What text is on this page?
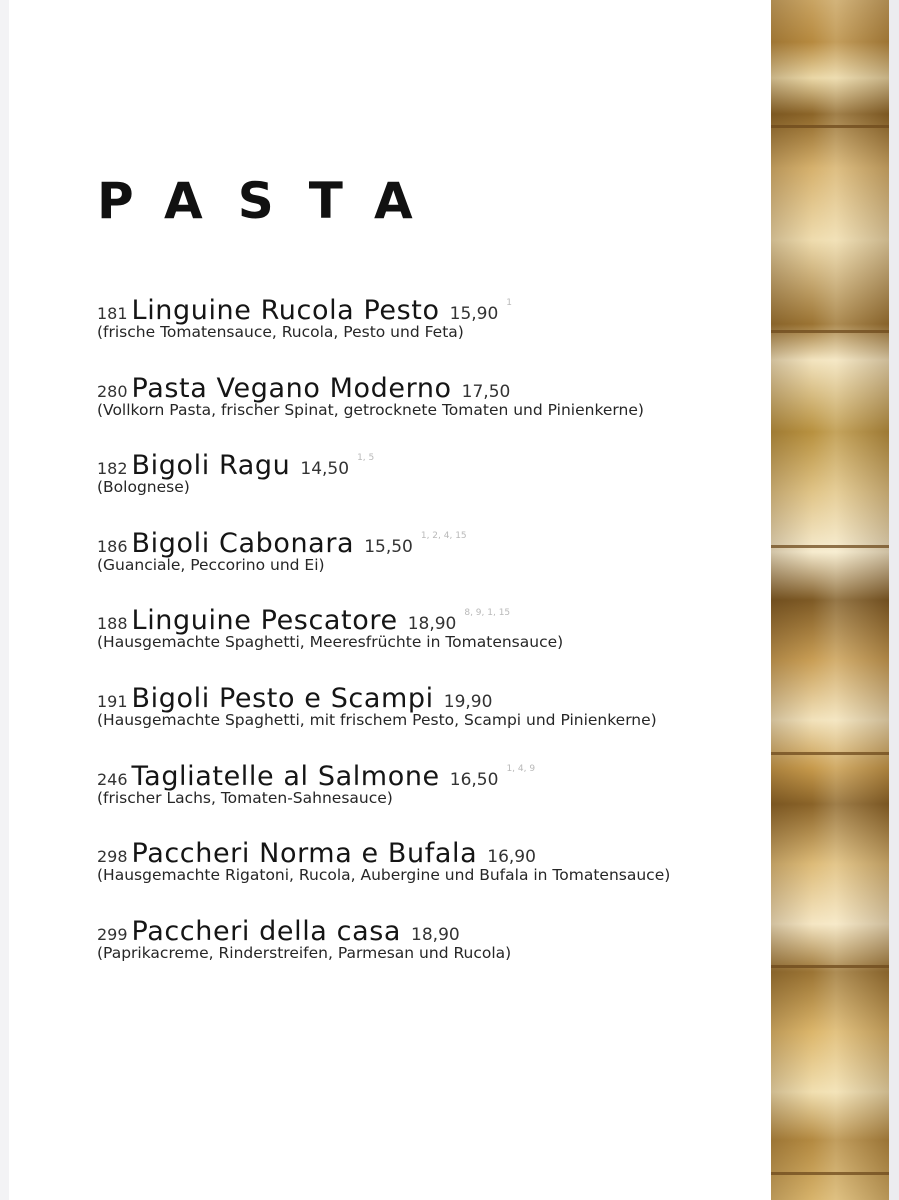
PASTA
181 Linguine Rucola Pesto 15,90$^1$
(frische Tomatensauce, Rucola, Pesto und Feta)
280 Pasta Vegano Moderno 17,50
(Vollkorn Pasta, frischer Spinat, getrocknete Tomaten und Pinienkerne)
182 Bigoli Ragu 14,50$^{1, 5}$
(Bolognese)
186 Bigoli Cabonara 15,50$^{1, 2, 4, 15}$
(Guanciale, Peccorino und Ei)
188 Linguine Pescatore 18,90$^{8, 9, 1, 15}$
(Hausgemachte Spaghetti, Meeresfrüchte in Tomatensauce)
191 Bigoli Pesto e Scampi 19,90
(Hausgemachte Spaghetti, mit frischem Pesto, Scampi und Pinienkerne)
246 Tagliatelle al Salmone 16,50$^{1, 4, 9}$
(frischer Lachs, Tomaten-Sahnesauce)
298 Paccheri Norma e Bufala 16,90
(Hausgemachte Rigatoni, Rucola, Aubergine und Bufala in Tomatensauce)
299 Paccheri della casa 18,90
(Paprikacreme, Rinderstreifen, Parmesan und Rucola)
